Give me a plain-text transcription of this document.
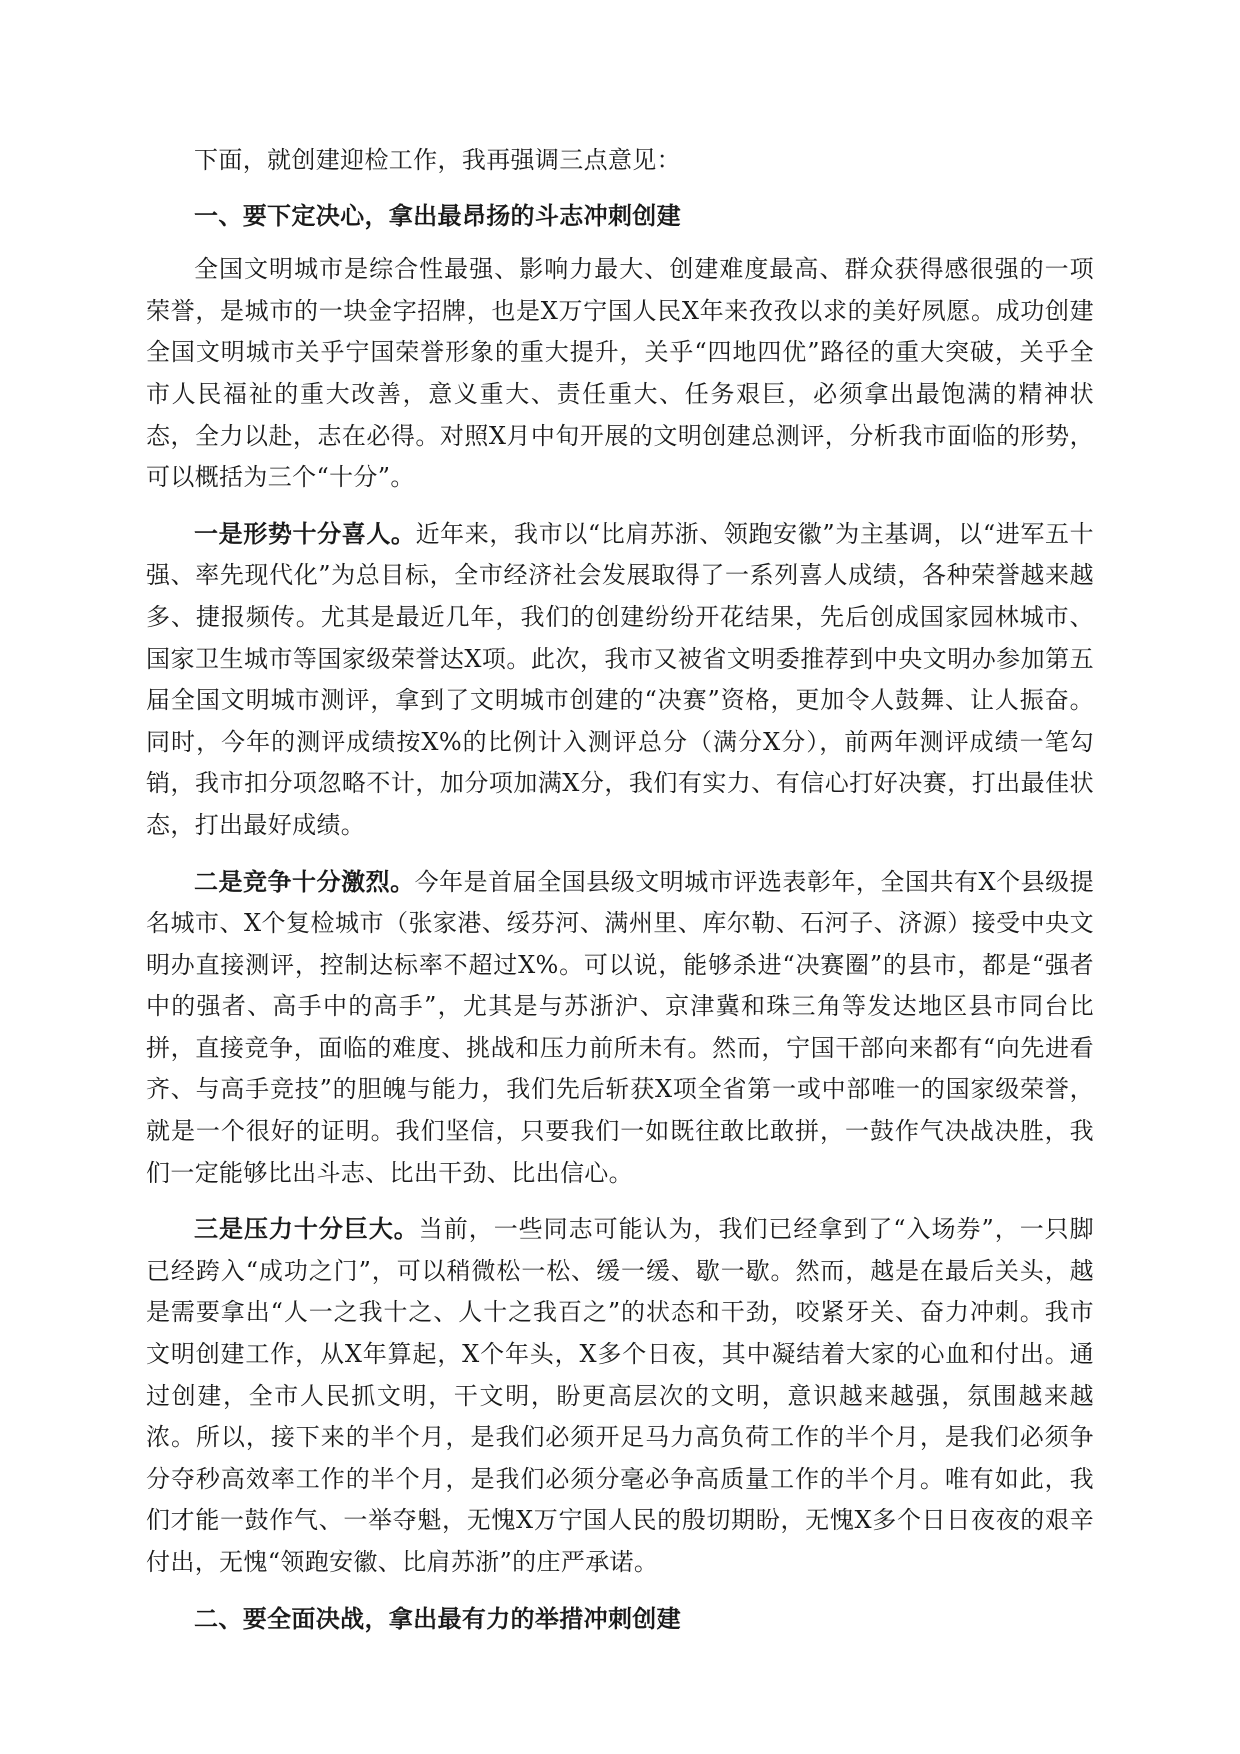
下面，就创建迎检工作，我再强调三点意见：

一、要下定决心，拿出最昂扬的斗志冲刺创建

全国文明城市是综合性最强、影响力最大、创建难度最高、群众获得感很强的一项荣誉，是城市的一块金字招牌，也是X万宁国人民X年来孜孜以求的美好夙愿。成功创建全国文明城市关乎宁国荣誉形象的重大提升，关乎“四地四优”路径的重大突破，关乎全市人民福祉的重大改善，意义重大、责任重大、任务艰巨，必须拿出最饱满的精神状态，全力以赴，志在必得。对照X月中旬开展的文明创建总测评，分析我市面临的形势，可以概括为三个“十分”。

一是形势十分喜人。近年来，我市以“比肩苏浙、领跑安徽”为主基调，以“进军五十强、率先现代化”为总目标，全市经济社会发展取得了一系列喜人成绩，各种荣誉越来越多、捷报频传。尤其是最近几年，我们的创建纷纷开花结果，先后创成国家园林城市、国家卫生城市等国家级荣誉达X项。此次，我市又被省文明委推荐到中央文明办参加第五届全国文明城市测评，拿到了文明城市创建的“决赛”资格，更加令人鼓舞、让人振奋。同时，今年的测评成绩按X%的比例计入测评总分（满分X分），前两年测评成绩一笔勾销，我市扣分项忽略不计，加分项加满X分，我们有实力、有信心打好决赛，打出最佳状态，打出最好成绩。

二是竞争十分激烈。今年是首届全国县级文明城市评选表彰年，全国共有X个县级提名城市、X个复检城市（张家港、绥芬河、满州里、库尔勒、石河子、济源）接受中央文明办直接测评，控制达标率不超过X%。可以说，能够杀进“决赛圈”的县市，都是“强者中的强者、高手中的高手”，尤其是与苏浙沪、京津冀和珠三角等发达地区县市同台比拼，直接竞争，面临的难度、挑战和压力前所未有。然而，宁国干部向来都有“向先进看齐、与高手竞技”的胆魄与能力，我们先后斩获X项全省第一或中部唯一的国家级荣誉，就是一个很好的证明。我们坚信，只要我们一如既往敢比敢拼，一鼓作气决战决胜，我们一定能够比出斗志、比出干劲、比出信心。

三是压力十分巨大。当前，一些同志可能认为，我们已经拿到了“入场券”，一只脚已经跨入“成功之门”，可以稍微松一松、缓一缓、歇一歇。然而，越是在最后关头，越是需要拿出“人一之我十之、人十之我百之”的状态和干劲，咬紧牙关、奋力冲刺。我市文明创建工作，从X年算起，X个年头，X多个日夜，其中凝结着大家的心血和付出。通过创建，全市人民抓文明，干文明，盼更高层次的文明，意识越来越强，氛围越来越浓。所以，接下来的半个月，是我们必须开足马力高负荷工作的半个月，是我们必须争分夺秒高效率工作的半个月，是我们必须分毫必争高质量工作的半个月。唯有如此，我们才能一鼓作气、一举夺魁，无愧X万宁国人民的殷切期盼，无愧X多个日日夜夜的艰辛付出，无愧“领跑安徽、比肩苏浙”的庄严承诺。

二、要全面决战，拿出最有力的举措冲刺创建
